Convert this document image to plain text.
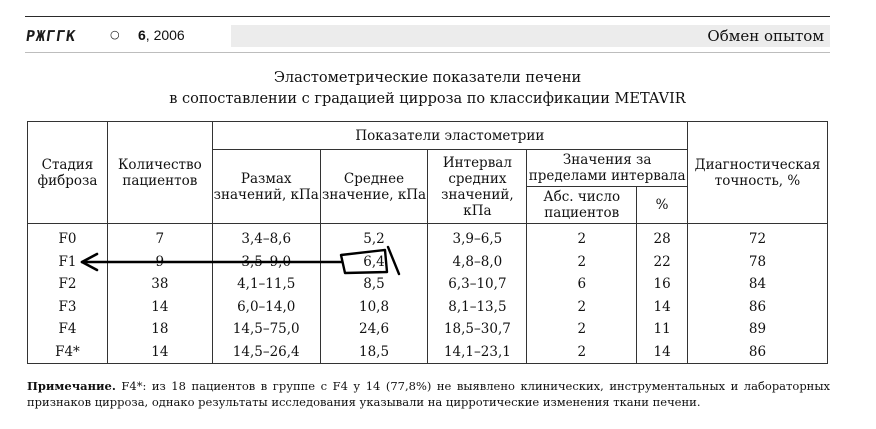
РЖГГК	○ 6, 2006	Обмен опытом
Эластометрические показатели печени
в сопоставлении с градацией цирроза по классификации METAVIR
Стадия фиброза	Количество пациентов	Показатели эластометрии					Диагностическая точность, %
		Размах значений, кПа	Среднее значение, кПа	Интервал средних значений, кПа	Значения за пределами интервала		
					Абс. число пациентов	%	
F0	7	3,4–8,6	5,2	3,9–6,5	2	28	72
F1	9	3,5–9,0	6,4	4,8–8,0	2	22	78
F2	38	4,1–11,5	8,5	6,3–10,7	6	16	84
F3	14	6,0–14,0	10,8	8,1–13,5	2	14	86
F4	18	14,5–75,0	24,6	18,5–30,7	2	11	89
F4*	14	14,5–26,4	18,5	14,1–23,1	2	14	86
Примечание. F4*: из 18 пациентов в группе с F4 у 14 (77,8%) не выявлено клинических, инструментальных и лабораторных признаков цирроза, однако результаты исследования указывали на цирротические изменения ткани печени.
